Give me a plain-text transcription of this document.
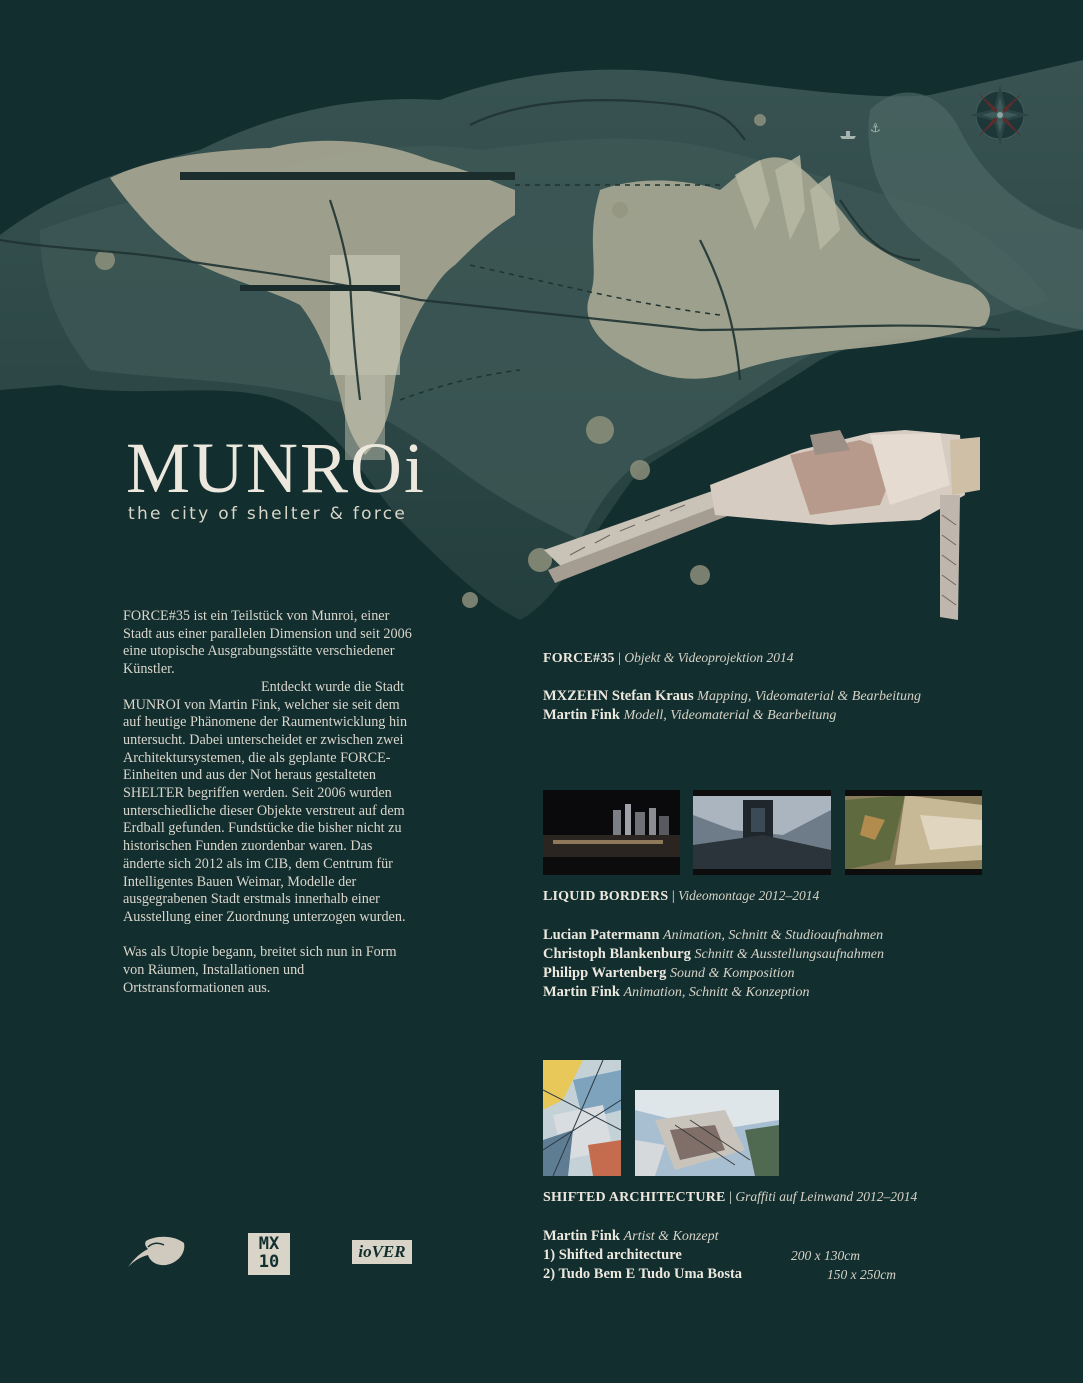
⚓
MUNROi
the city of shelter & force

FORCE#35 ist ein Teilstück von Munroi, einer Stadt aus einer parallelen Dimension und seit 2006 eine utopische Ausgrabungsstätte verschiedener Künstler.

Entdeckt wurde die Stadt MUNROI von Martin Fink, welcher sie seit dem auf heutige Phänomene der Raumentwicklung hin untersucht. Dabei unterscheidet er zwischen zwei Architektursystemen, die als geplante FORCE-Einheiten und aus der Not heraus gestalteten SHELTER begriffen werden. Seit 2006 wurden unterschiedliche dieser Objekte verstreut auf dem Erdball gefunden. Fundstücke die bisher nicht zu historischen Funden zuordenbar waren. Das änderte sich 2012 als im CIB, dem Centrum für Intelligentes Bauen Weimar, Modelle der ausgegrabenen Stadt erstmals innerhalb einer Ausstellung einer Zuordnung unterzogen wurden.

Was als Utopie begann, breitet sich nun in Form von Räumen, Installationen und Ortstransformationen aus.

FORCE#35 | Objekt & Videoprojektion 2014
MXZEHN Stefan Kraus Mapping, Videomaterial & Bearbeitung
Martin Fink Modell, Videomaterial & Bearbeitung
LIQUID BORDERS | Videomontage 2012–2014
Lucian Patermann Animation, Schnitt & Studioaufnahmen
Christoph Blankenburg Schnitt & Ausstellungsaufnahmen
Philipp Wartenberg Sound & Komposition
Martin Fink Animation, Schnitt & Konzeption
SHIFTED ARCHITECTURE | Graffiti auf Leinwand 2012–2014
Martin Fink Artist & Konzept
1) Shifted architecture	200 x 130cm
2) Tudo Bem E Tudo Uma Bosta	150 x 250cm
MX
10
ioVER
